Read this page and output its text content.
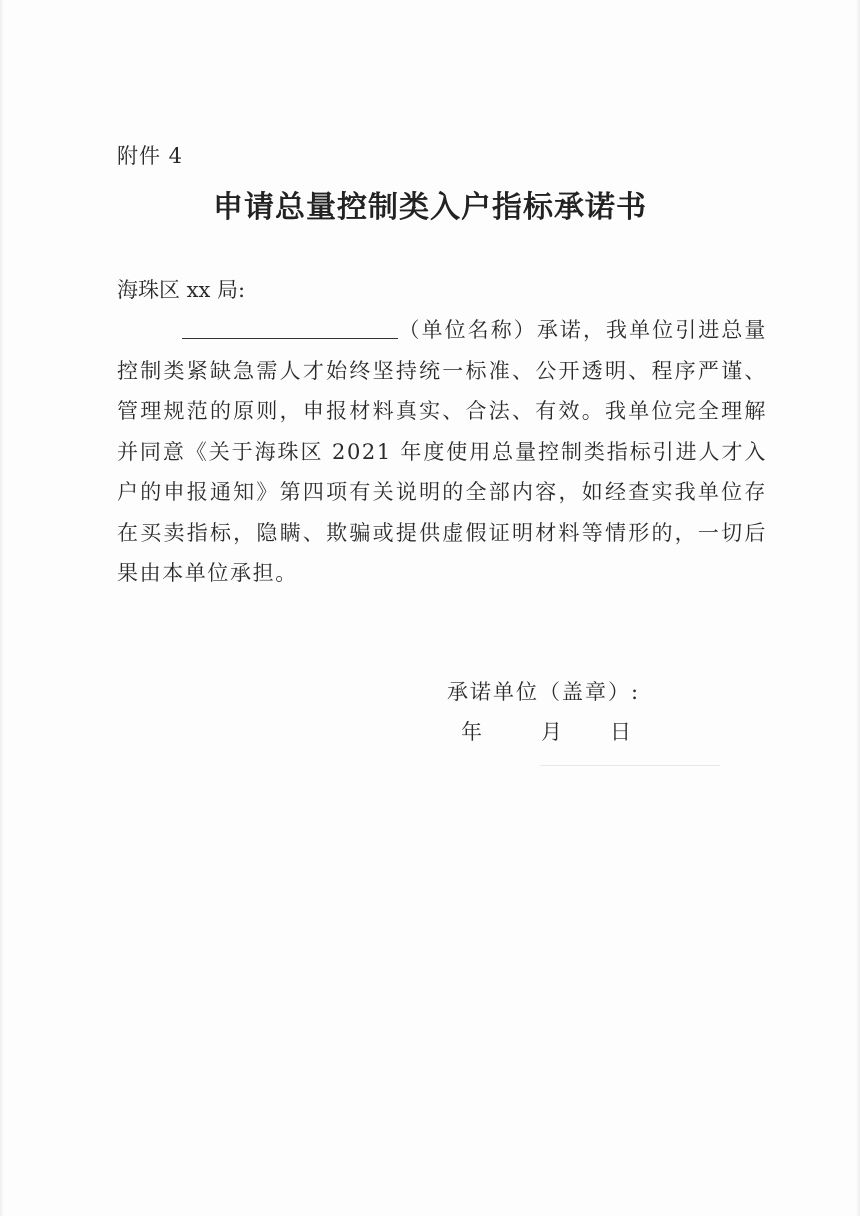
附件 4
申请总量控制类入户指标承诺书
海珠区 xx 局:
（单位名称）承诺，我单位引进总量控制类紧缺急需人才始终坚持统一标准、公开透明、程序严谨、管理规范的原则，申报材料真实、合法、有效。我单位完全理解并同意《关于海珠区 2021 年度使用总量控制类指标引进人才入户的申报通知》第四项有关说明的全部内容，如经查实我单位存在买卖指标，隐瞒、欺骗或提供虚假证明材料等情形的，一切后果由本单位承担。
承诺单位（盖章）:
年	月 日
